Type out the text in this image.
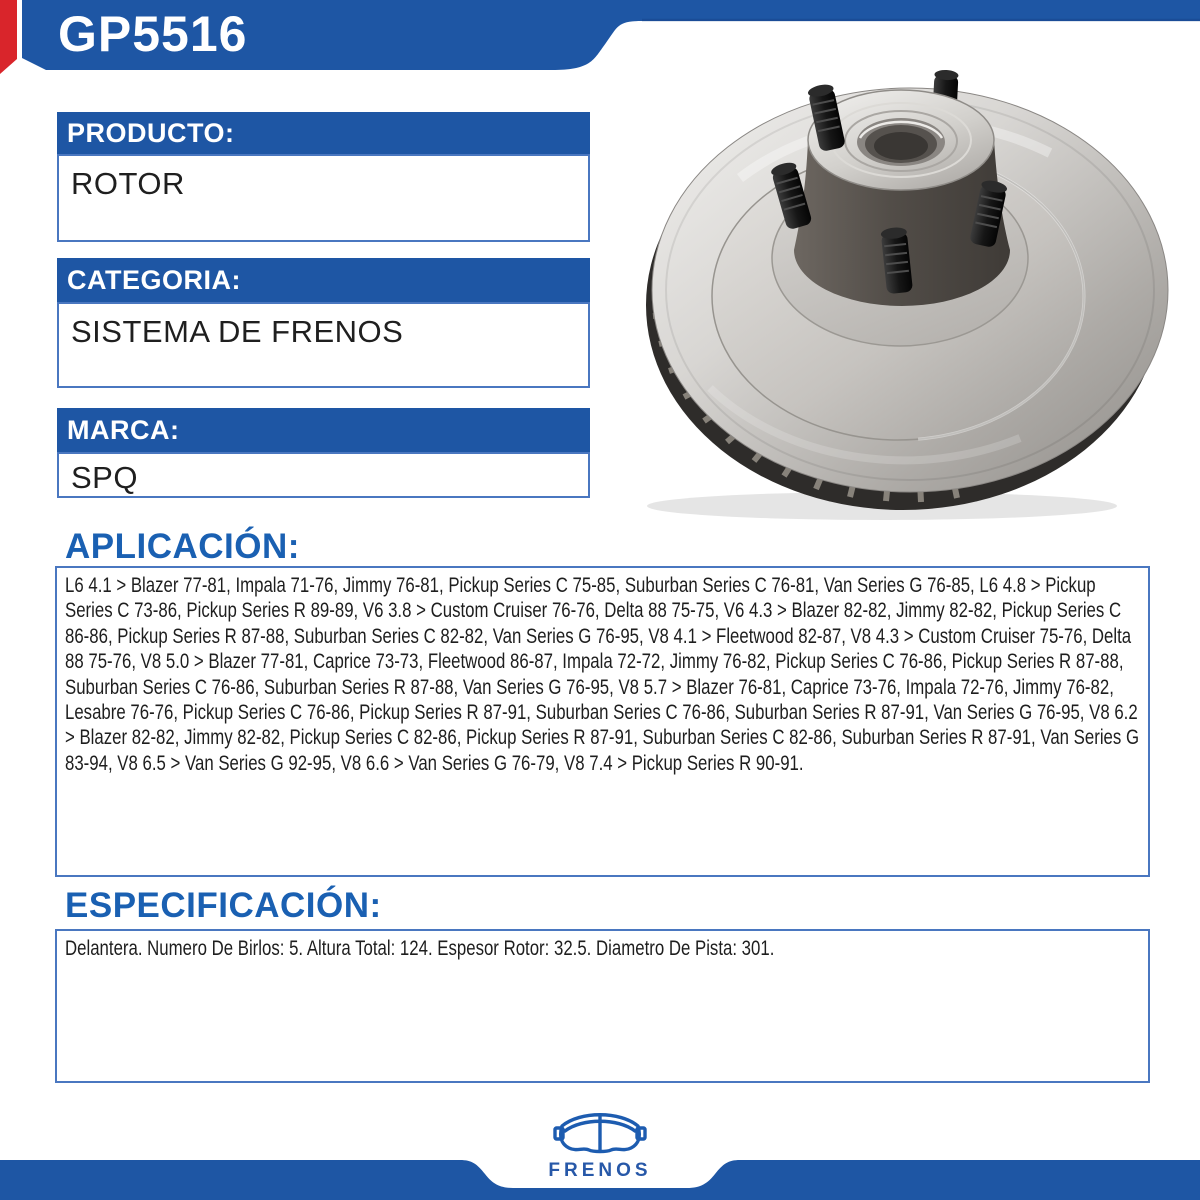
GP5516
PRODUCTO:
ROTOR
CATEGORIA:
SISTEMA DE FRENOS
MARCA:
SPQ
APLICACIÓN:
L6 4.1 > Blazer 77-81, Impala 71-76, Jimmy 76-81, Pickup Series C 75-85, Suburban Series C 76-81, Van Series G 76-85, L6 4.8 > Pickup Series C 73-86, Pickup Series R 89-89, V6 3.8 > Custom Cruiser 76-76, Delta 88 75-75, V6 4.3 > Blazer 82-82, Jimmy 82-82, Pickup Series C 86-86, Pickup Series R 87-88, Suburban Series C 82-82, Van Series G 76-95, V8 4.1 > Fleetwood 82-87, V8 4.3 > Custom Cruiser 75-76, Delta 88 75-76, V8 5.0 > Blazer 77-81, Caprice 73-73, Fleetwood 86-87, Impala 72-72, Jimmy 76-82, Pickup Series C 76-86, Pickup Series R 87-88, Suburban Series C 76-86, Suburban Series R 87-88, Van Series G 76-95, V8 5.7 > Blazer 76-81, Caprice 73-76, Impala 72-76, Jimmy 76-82, Lesabre 76-76, Pickup Series C 76-86, Pickup Series R 87-91, Suburban Series C 76-86, Suburban Series R 87-91, Van Series G 76-95, V8 6.2 > Blazer 82-82, Jimmy 82-82, Pickup Series C 82-86, Pickup Series R 87-91, Suburban Series C 82-86, Suburban Series R 87-91, Van Series G 83-94, V8 6.5 > Van Series G 92-95, V8 6.6 > Van Series G 76-79, V8 7.4 > Pickup Series R 90-91.
ESPECIFICACIÓN:
Delantera. Numero De Birlos: 5. Altura Total: 124. Espesor Rotor: 32.5. Diametro De Pista: 301.
FRENOS
